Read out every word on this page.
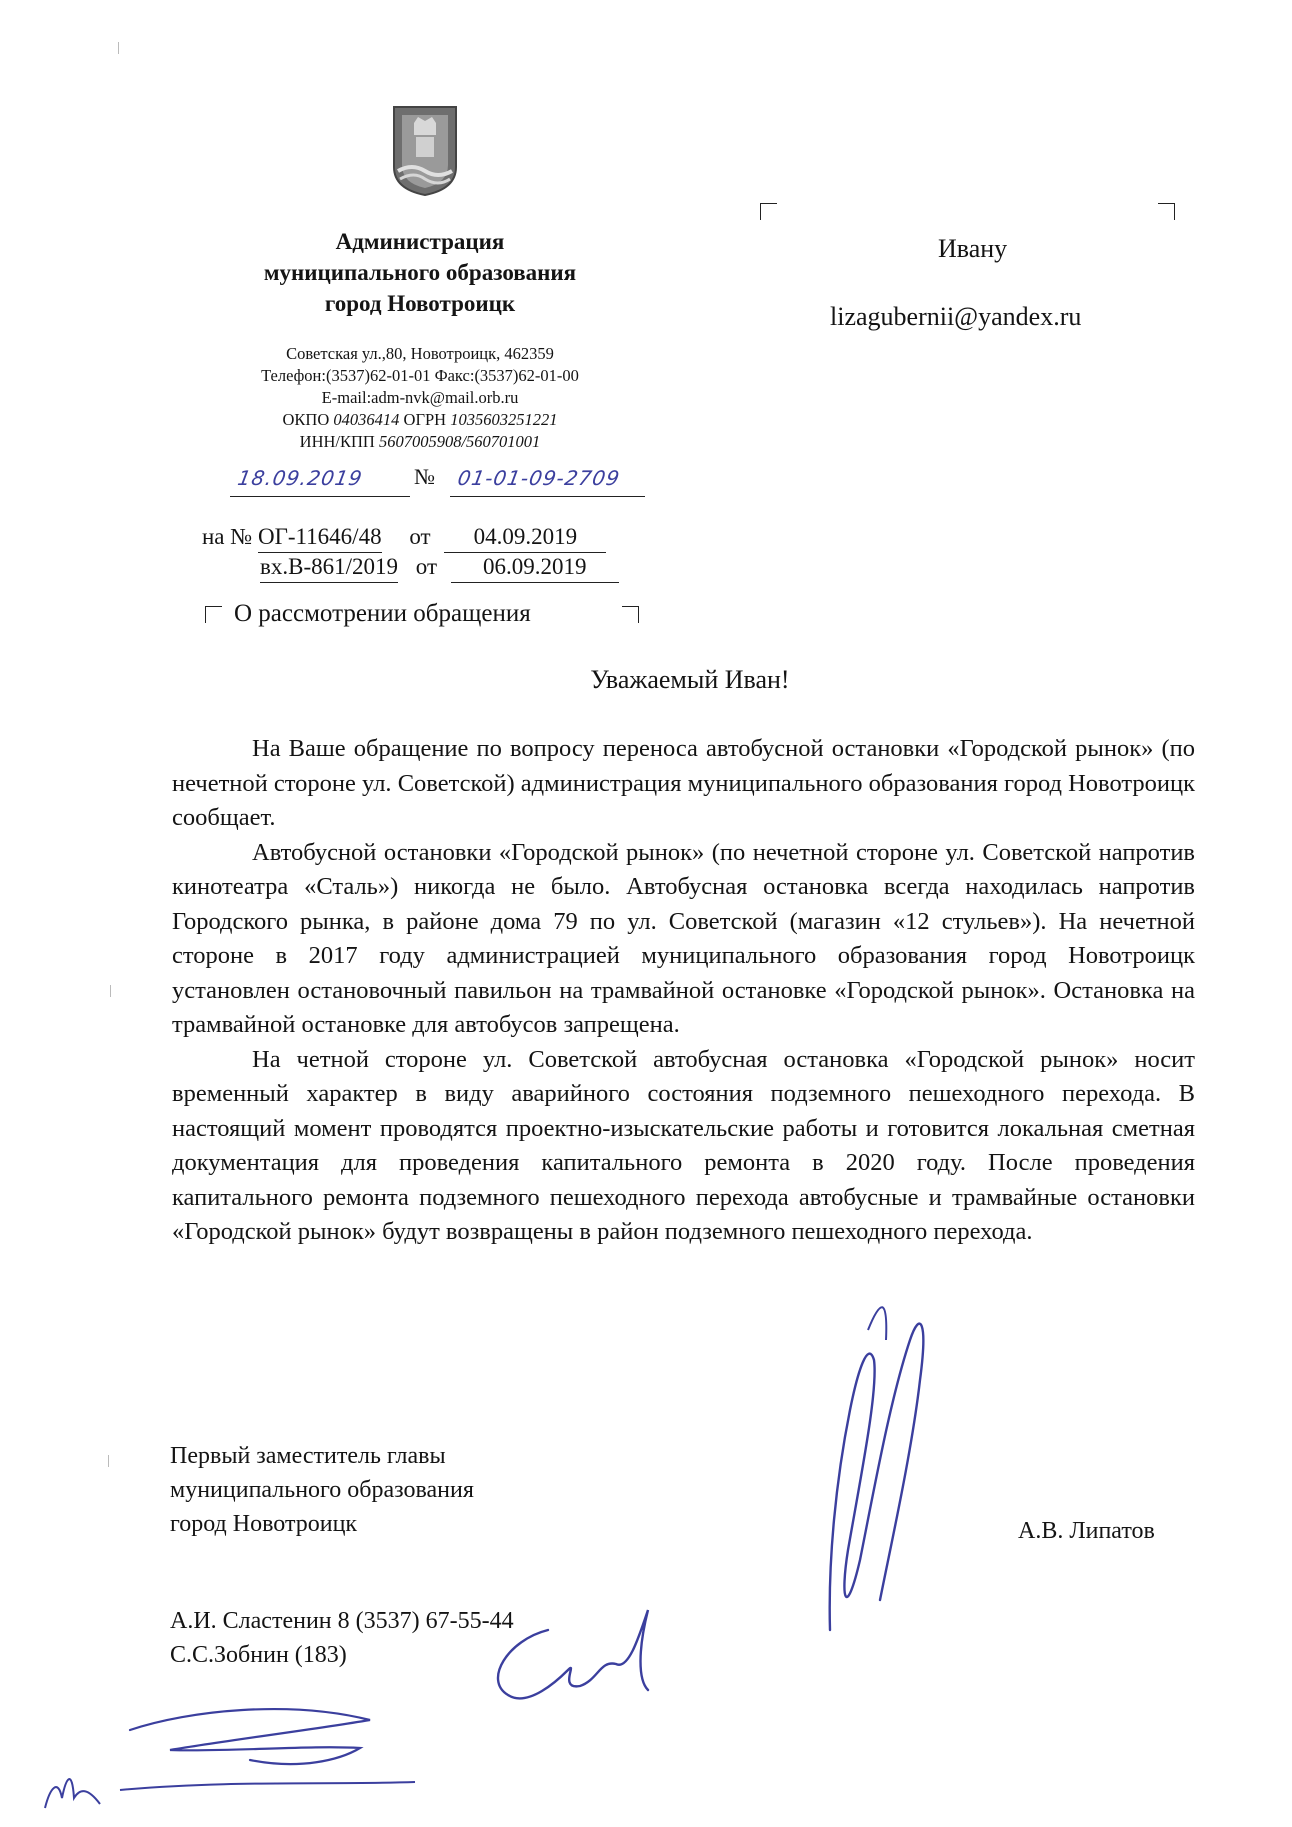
Администрация
муниципального образования
город Новотроицк
Советская ул.,80, Новотроицк, 462359
Телефон:(3537)62-01-01 Факс:(3537)62-01-00
E-mail:adm-nvk@mail.orb.ru
ОКПО 04036414 ОГРН 1035603251221
ИНН/КПП 5607005908/560701001
18.09.2019 № 01-01-09-2709
на № ОГ-11646/48 от 04.09.2019
вх.В-861/2019 от 06.09.2019
О рассмотрении обращения
Ивану
lizagubernii@yandex.ru
Уважаемый Иван!

На Ваше обращение по вопросу переноса автобусной остановки «Городской рынок» (по нечетной стороне ул. Советской) администрация муниципального образования город Новотроицк сообщает.

Автобусной остановки «Городской рынок» (по нечетной стороне ул. Советской напротив кинотеатра «Сталь») никогда не было. Автобусная остановка всегда находилась напротив Городского рынка, в районе дома 79 по ул. Советской (магазин «12 стульев»). На нечетной стороне в 2017 году администрацией муниципального образования город Новотроицк установлен остановочный павильон на трамвайной остановке «Городской рынок». Остановка на трамвайной остановке для автобусов запрещена.

На четной стороне ул. Советской автобусная остановка «Городской рынок» носит временный характер в виду аварийного состояния подземного пешеходного перехода. В настоящий момент проводятся проектно-изыскательские работы и готовится локальная сметная документация для проведения капитального ремонта в 2020 году. После проведения капитального ремонта подземного пешеходного перехода автобусные и трамвайные остановки «Городской рынок» будут возвращены в район подземного пешеходного перехода.

Первый заместитель главы
муниципального образования
город Новотроицк	А.В. Липатов
А.И. Сластенин 8 (3537) 67-55-44
С.С.Зобнин (183)
